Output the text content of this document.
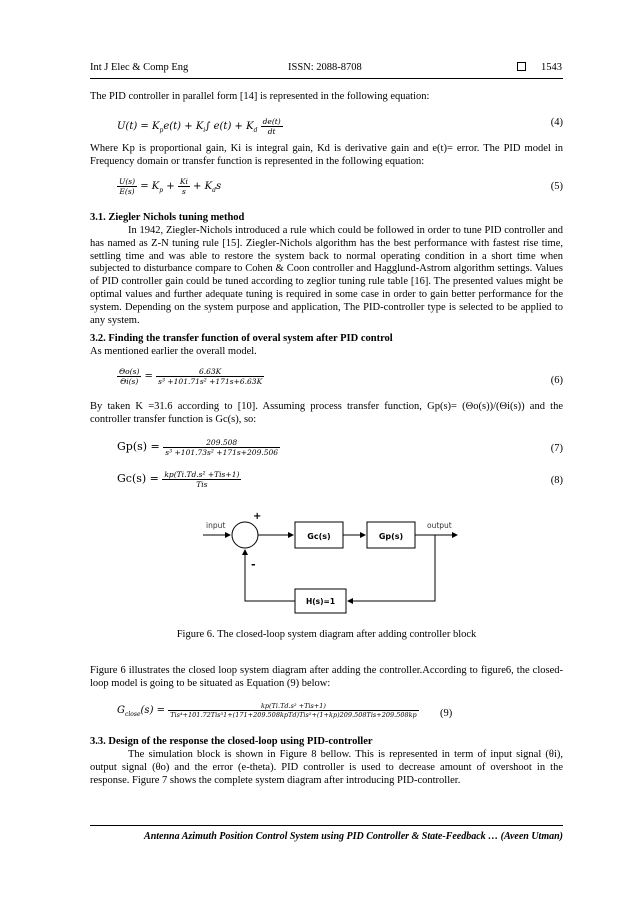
Int J Elec & Comp Eng	ISSN: 2088-8708	1543
The PID controller in parallel form [14] is represented in the following equation:
$U(t) = K_pe(t) + K_i\int$ $e(t) + K_d \frac{de(t)}{dt}$	(4)
Where Kp is proportional gain, Ki is integral gain, Kd is derivative gain and e(t)= error. The PID model in Frequency domain or transfer function is represented in the following equation:
$\frac{U(s)}{E(s)} = K_p + \frac{Ki}{s} + K_ds$	(5)
3.1. Ziegler Nichols tuning method
In 1942, Ziegler-Nichols introduced a rule which could be followed in order to tune PID controller and has named as Z-N tuning rule [15]. Ziegler-Nichols algorithm has the best performance with fastest rise time, settling time and was able to restore the system back to normal operating condition in a short time when subjected to disturbance compare to Cohen & Coon controller and Hagglund-Astrom algorithm settings. Values of PID controller gain could be tuned according to zeglior tuning rule table [16]. The presented values might be optimal values and further adequate tuning is required in some case in order to gain better performance for the system. Depending on the system purpose and application, The PID-controller type is selected to be applied to any system.
3.2. Finding the transfer function of overal system after PID control
As mentioned earlier the overall model.
$\frac{\Theta o(s)}{\Theta i(s)} = \frac{6.63K}{\text{s³ +101.71s² +171s+6.63K}}$	(6)
By taken K =31.6 according to [10]. Assuming process transfer function, Gp(s)= (Θo(s))/(Θi(s)) and the controller transfer function is Gc(s), so:
$Gp(s) = \frac{209.508}{\text{s³ +101.73s² +171s+209.506}}$	(7)
$Gc(s) = \frac{\text{kp(Ti.Td.s² +Tis+1)}}{\text{Tis}}$	(8)
input	output
+
-
Gc(s)	Gp(s)
H(s)=1
Figure 6. The closed-loop system diagram after adding controller block
Figure 6 illustrates the closed loop system diagram after adding the controller.According to figure6, the closed- loop model is going to be situated as Equation (9) below:
$G_{close}(s)$ =	kp(Ti.Td.s² +Tis+1)
Tis⁴+101.72Tis³1+(171+209.508kpTd)Tis²+(1+kp)209.508Tis+209.508kp (9)
3.3. Design of the response the closed-loop using PID-controller
The simulation block is shown in Figure 8 bellow. This is represented in term of input signal (θi), output signal (θo) and the error (e-theta). PID controller is used to decrease amount of overshoot in the response. Figure 7 shows the complete system diagram after introducing PID-controller.
Antenna Azimuth Position Control System using PID Controller & State-Feedback … (Aveen Utman)
